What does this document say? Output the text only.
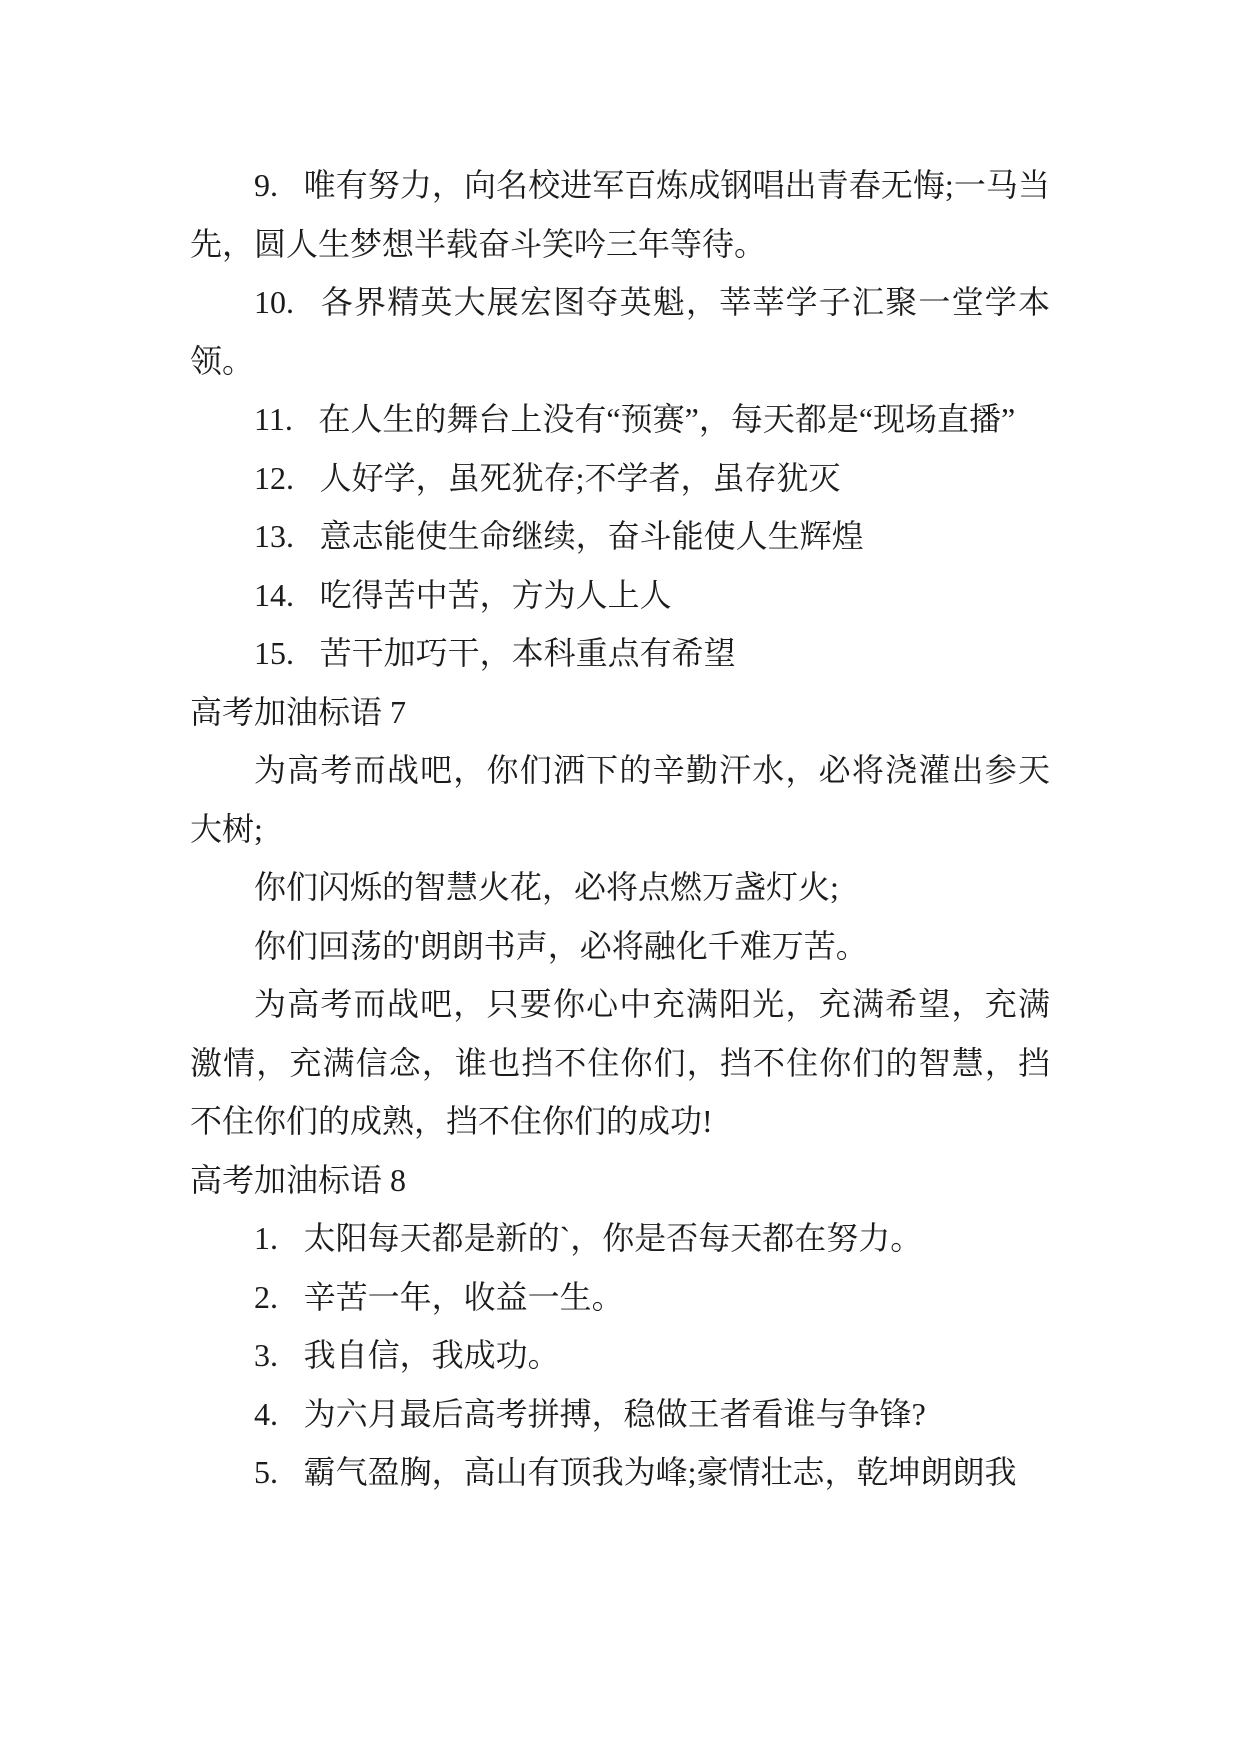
9. 唯有努力，向名校进军百炼成钢唱出青春无悔;一马当先，圆人生梦想半载奋斗笑吟三年等待。

10. 各界精英大展宏图夺英魁，莘莘学子汇聚一堂学本领。

11. 在人生的舞台上没有“预赛”，每天都是“现场直播”

12. 人好学，虽死犹存;不学者，虽存犹灭

13. 意志能使生命继续，奋斗能使人生辉煌

14. 吃得苦中苦，方为人上人

15. 苦干加巧干，本科重点有希望

高考加油标语 7

为高考而战吧，你们洒下的辛勤汗水，必将浇灌出参天大树;

你们闪烁的智慧火花，必将点燃万盏灯火;

你们回荡的'朗朗书声，必将融化千难万苦。

为高考而战吧，只要你心中充满阳光，充满希望，充满激情，充满信念，谁也挡不住你们，挡不住你们的智慧，挡不住你们的成熟，挡不住你们的成功!

高考加油标语 8

1. 太阳每天都是新的`，你是否每天都在努力。

2. 辛苦一年，收益一生。

3. 我自信，我成功。

4. 为六月最后高考拼搏，稳做王者看谁与争锋?

5. 霸气盈胸，高山有顶我为峰;豪情壮志，乾坤朗朗我
